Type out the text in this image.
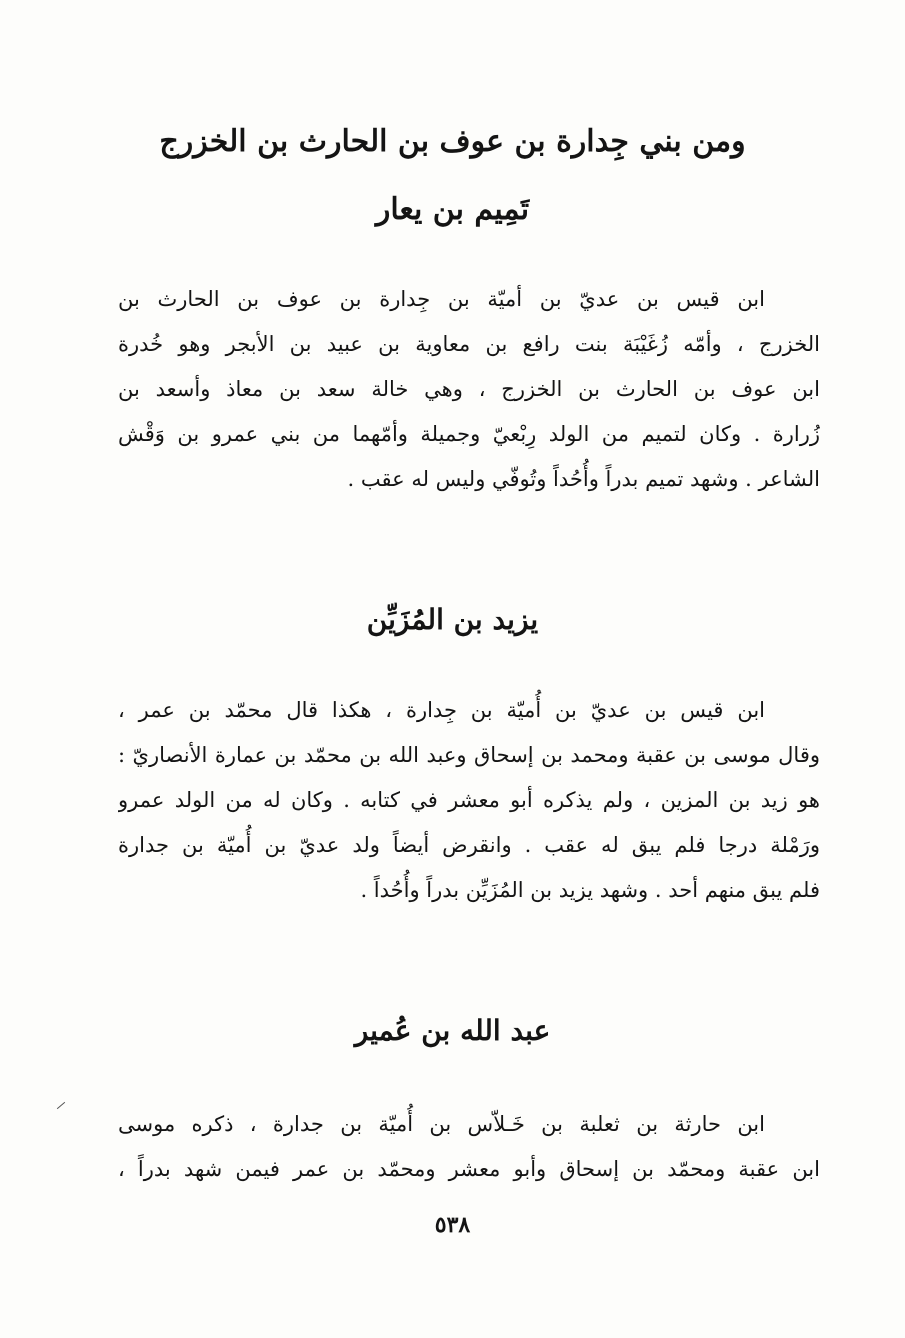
ومن بني جِدارة بن عوف بن الحارث بن الخزرج
تَمِيم بن يعار
ابن قيس بن عديّ بن أميّة بن جِدارة بن عوف بن الحارث بن
الخزرج ، وأمّه زُغَيْبَة بنت رافع بن معاوية بن عبيد بن الأبجر وهو خُدرة
ابن عوف بن الحارث بن الخزرج ، وهي خالة سعد بن معاذ وأسعد بن
زُرارة . وكان لتميم من الولد رِبْعيّ وجميلة وأمّهما من بني عمرو بن وَقْش
الشاعر . وشهد تميم بدراً وأُحُداً وتُوفّي وليس له عقب .
يزيد بن المُزَيِّن
ابن قيس بن عديّ بن أُميّة بن جِدارة ، هكذا قال محمّد بن عمر ،
وقال موسى بن عقبة ومحمد بن إسحاق وعبد الله بن محمّد بن عمارة الأنصاريّ :
هو زيد بن المزين ، ولم يذكره أبو معشر في كتابه . وكان له من الولد عمرو
ورَمْلة درجا فلم يبق له عقب . وانقرض أيضاً ولد عديّ بن أُميّة بن جدارة
فلم يبق منهم أحد . وشهد يزيد بن المُزَيِّن بدراً وأُحُداً .
عبد الله بن عُمير
ابن حارثة بن ثعلبة بن خَـلاّس بن أُميّة بن جدارة ، ذكره موسى
ابن عقبة ومحمّد بن إسحاق وأبو معشر ومحمّد بن عمر فيمن شهد بدراً ،
٥٣٨
